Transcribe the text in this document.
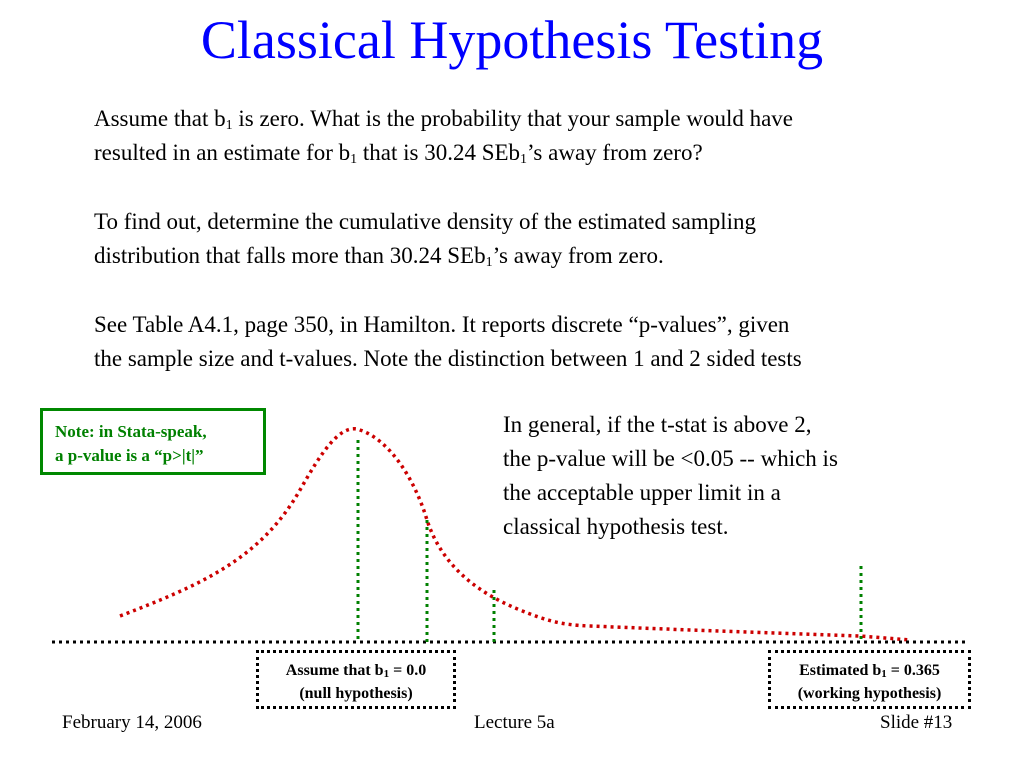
Classical Hypothesis Testing
Assume that $b_1$ is zero. What is the probability that your sample would have
resulted in an estimate for $b_1$ that is 30.24 SEb$_1$’s away from zero?
To find out, determine the cumulative density of the estimated sampling
distribution that falls more than 30.24 SEb$_1$’s away from zero.
See Table A4.1, page 350, in Hamilton. It reports discrete “p-values”, given
the sample size and t-values. Note the distinction between 1 and 2 sided tests
Note: in Stata-speak,
a p-value is a “p>|t|”
In general, if the t-stat is above 2,
the p-value will be <0.05 -- which is
the acceptable upper limit in a
classical hypothesis test.
Assume that $b_1 = 0.0$
(null hypothesis)
Estimated $b_1 = 0.365$
(working hypothesis)
February 14, 2006	Lecture 5a	Slide #13
